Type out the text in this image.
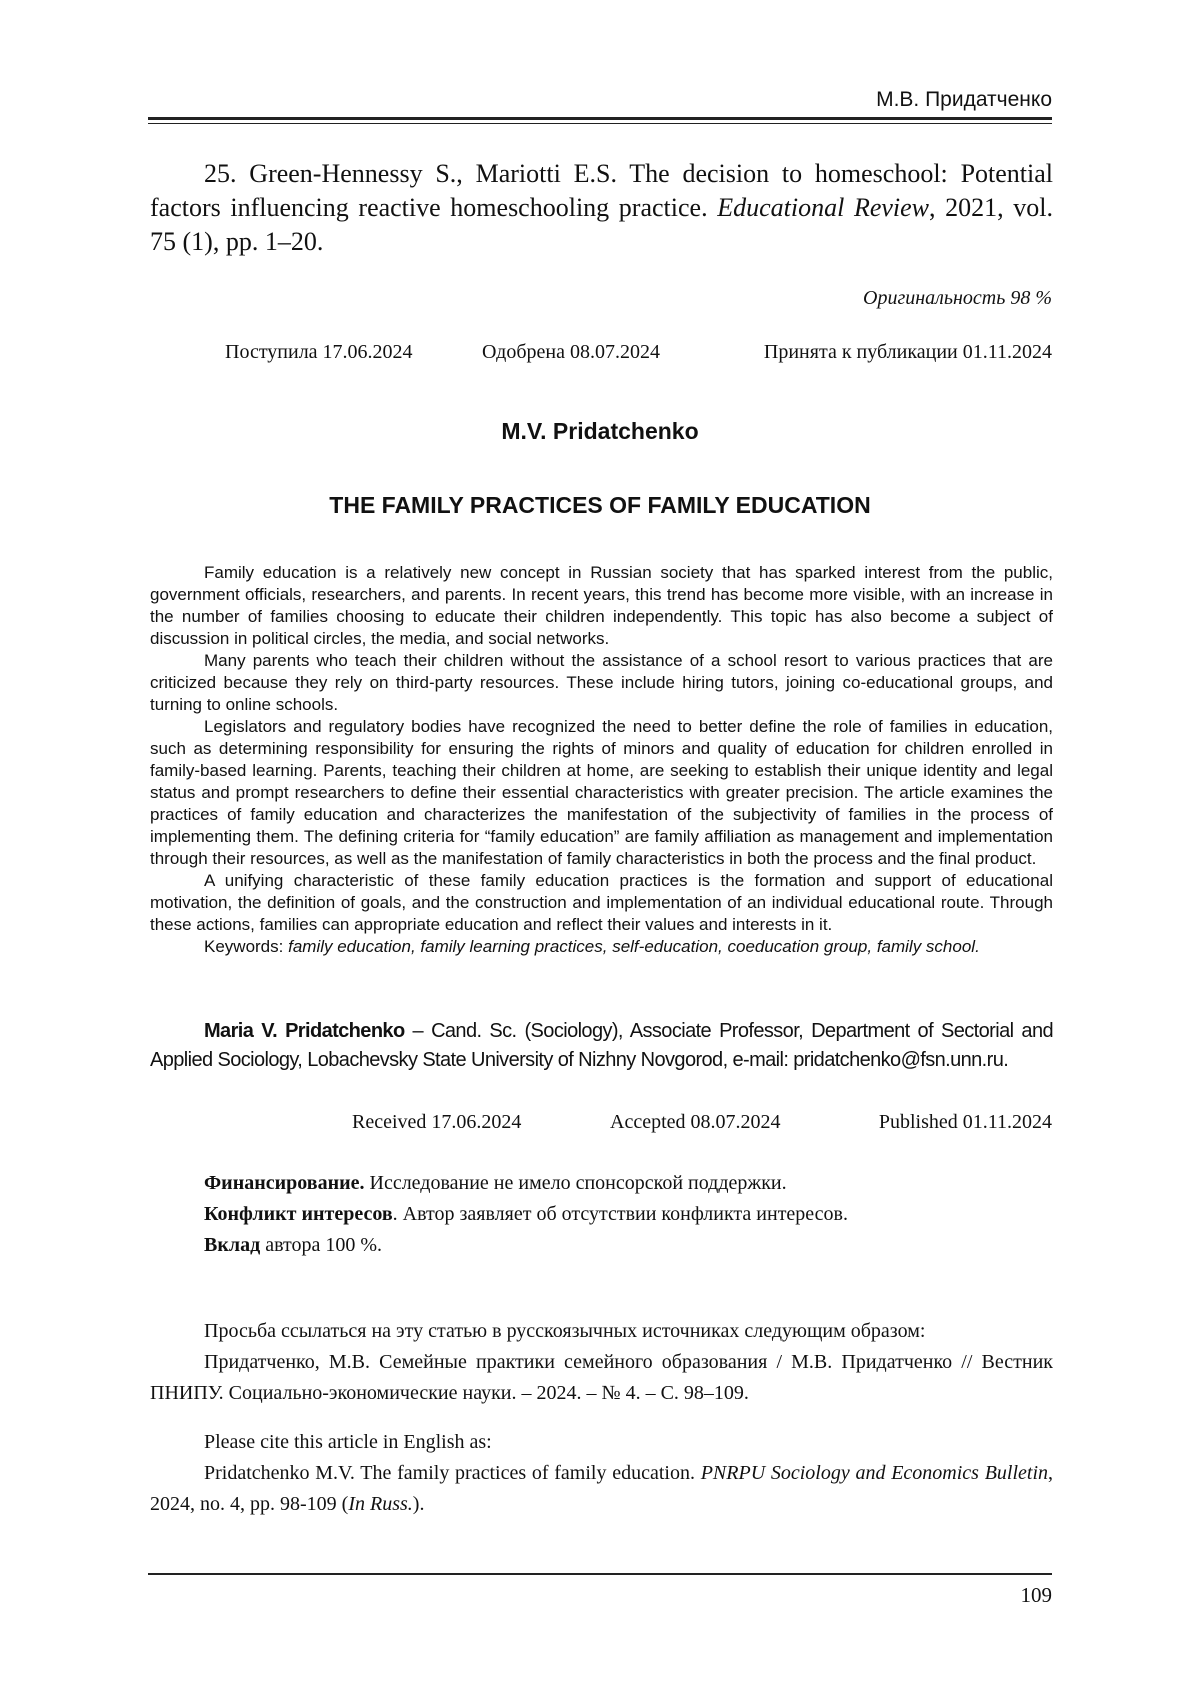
М.В. Придатченко
25. Green-Hennessy S., Mariotti E.S. The decision to homeschool: Potential factors influencing reactive homeschooling practice. Educational Review, 2021, vol. 75 (1), pp. 1–20.
Оригинальность 98 %
Поступила 17.06.2024	Одобрена 08.07.2024	Принята к публикации 01.11.2024
M.V. Pridatchenko
THE FAMILY PRACTICES OF FAMILY EDUCATION

Family education is a relatively new concept in Russian society that has sparked interest from the public, government officials, researchers, and parents. In recent years, this trend has become more visible, with an increase in the number of families choosing to educate their children independently. This topic has also become a subject of discussion in political circles, the media, and social networks.

Many parents who teach their children without the assistance of a school resort to various practices that are criticized because they rely on third-party resources. These include hiring tutors, joining co-educational groups, and turning to online schools.

Legislators and regulatory bodies have recognized the need to better define the role of families in education, such as determining responsibility for ensuring the rights of minors and quality of education for children enrolled in family-based learning. Parents, teaching their children at home, are seeking to establish their unique identity and legal status and prompt researchers to define their essential characteristics with greater precision. The article examines the practices of family education and characterizes the manifestation of the subjectivity of families in the process of implementing them. The defining criteria for “family education” are family affiliation as management and implementation through their resources, as well as the manifestation of family characteristics in both the process and the final product.

A unifying characteristic of these family education practices is the formation and support of educational motivation, the definition of goals, and the construction and implementation of an individual educational route. Through these actions, families can appropriate education and reflect their values and interests in it.

Keywords: family education, family learning practices, self-education, coeducation group, family school.

Maria V. Pridatchenko – Cand. Sc. (Sociology), Associate Professor, Department of Sectorial and Applied Sociology, Lobachevsky State University of Nizhny Novgorod, e-mail: pridatchenko@fsn.unn.ru.
Received 17.06.2024	Accepted 08.07.2024	Published 01.11.2024
Финансирование. Исследование не имело спонсорской поддержки.
Конфликт интересов. Автор заявляет об отсутствии конфликта интересов.
Вклад автора 100 %.

Просьба ссылаться на эту статью в русскоязычных источниках следующим образом:

Придатченко, М.В. Семейные практики семейного образования / М.В. Придатченко // Вестник ПНИПУ. Социально-экономические науки. – 2024. – № 4. – С. 98–109.

Please cite this article in English as:

Pridatchenko M.V. The family practices of family education. PNRPU Sociology and Economics Bulletin, 2024, no. 4, pp. 98-109 (In Russ.).

109
